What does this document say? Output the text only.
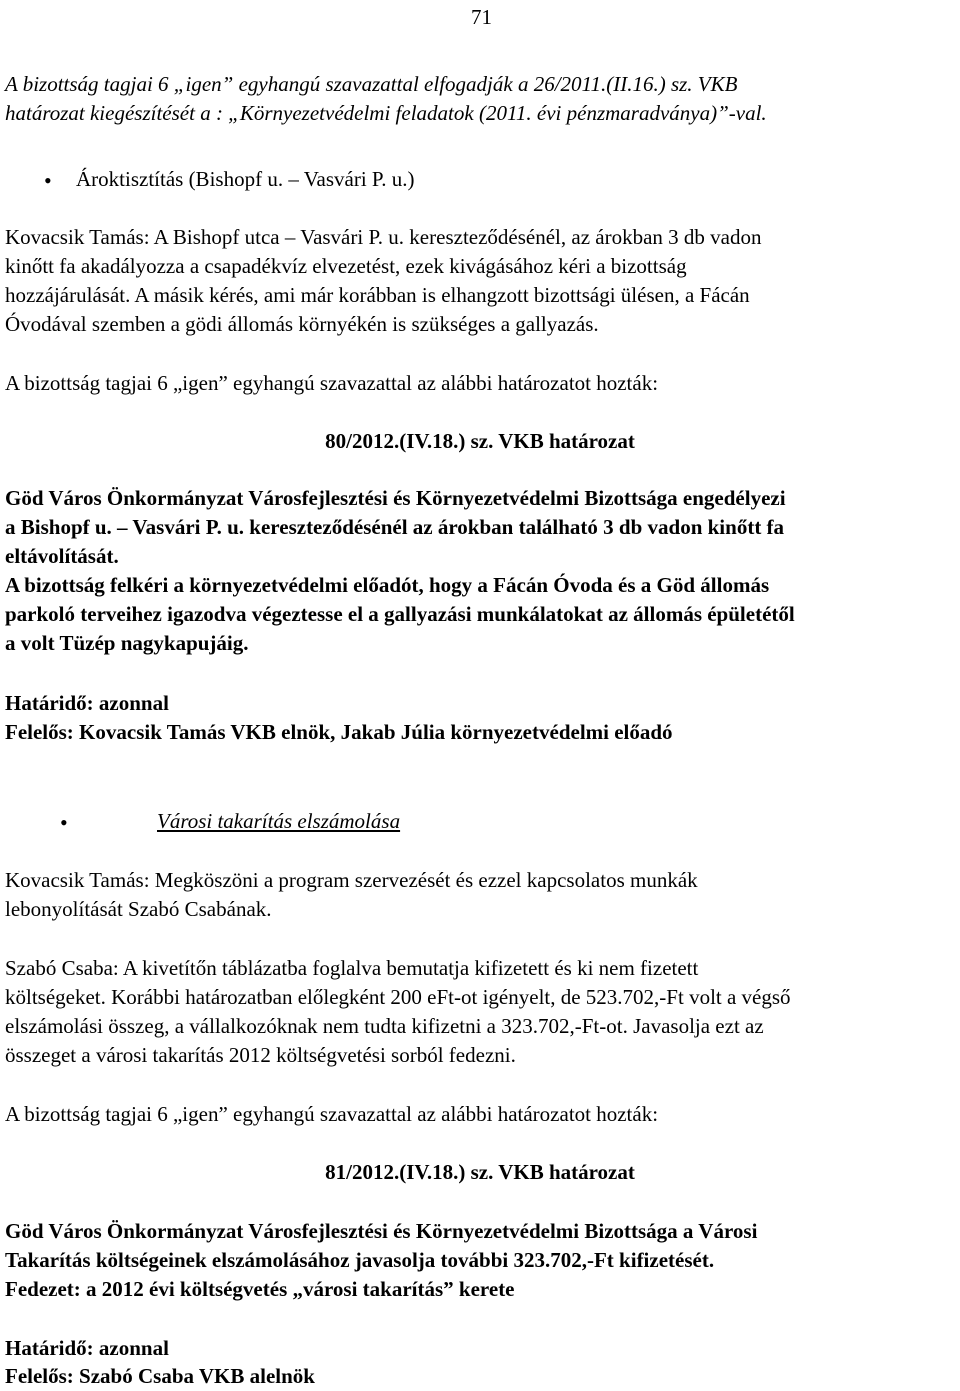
71
A bizottság tagjai 6 „igen” egyhangú szavazattal elfogadják a 26/2011.(II.16.) sz. VKB
határozat kiegészítését a : „Környezetvédelmi feladatok (2011. évi pénzmaradványa)”-val.
• Ároktisztítás (Bishopf u. – Vasvári P. u.)
Kovacsik Tamás: A Bishopf utca – Vasvári P. u. kereszteződésénél, az árokban 3 db vadon
kinőtt fa akadályozza a csapadékvíz elvezetést, ezek kivágásához kéri a bizottság
hozzájárulását. A másik kérés, ami már korábban is elhangzott bizottsági ülésen, a Fácán
Óvodával szemben a gödi állomás környékén is szükséges a gallyazás.
A bizottság tagjai 6 „igen” egyhangú szavazattal az alábbi határozatot hozták:
80/2012.(IV.18.) sz. VKB határozat
Göd Város Önkormányzat Városfejlesztési és Környezetvédelmi Bizottsága engedélyezi
a Bishopf u. – Vasvári P. u. kereszteződésénél az árokban található 3 db vadon kinőtt fa
eltávolítását.
A bizottság felkéri a környezetvédelmi előadót, hogy a Fácán Óvoda és a Göd állomás
parkoló terveihez igazodva végeztesse el a gallyazási munkálatokat az állomás épületétől
a volt Tüzép nagykapujáig.
Határidő: azonnal
Felelős: Kovacsik Tamás VKB elnök, Jakab Júlia környezetvédelmi előadó
•	Városi takarítás elszámolása
Kovacsik Tamás: Megköszöni a program szervezését és ezzel kapcsolatos munkák
lebonyolítását Szabó Csabának.
Szabó Csaba: A kivetítőn táblázatba foglalva bemutatja kifizetett és ki nem fizetett
költségeket. Korábbi határozatban előlegként 200 eFt-ot igényelt, de 523.702,-Ft volt a végső
elszámolási összeg, a vállalkozóknak nem tudta kifizetni a 323.702,-Ft-ot. Javasolja ezt az
összeget a városi takarítás 2012 költségvetési sorból fedezni.
A bizottság tagjai 6 „igen” egyhangú szavazattal az alábbi határozatot hozták:
81/2012.(IV.18.) sz. VKB határozat
Göd Város Önkormányzat Városfejlesztési és Környezetvédelmi Bizottsága a Városi
Takarítás költségeinek elszámolásához javasolja további 323.702,-Ft kifizetését.
Fedezet: a 2012 évi költségvetés „városi takarítás” kerete
Határidő: azonnal
Felelős: Szabó Csaba VKB alelnök
